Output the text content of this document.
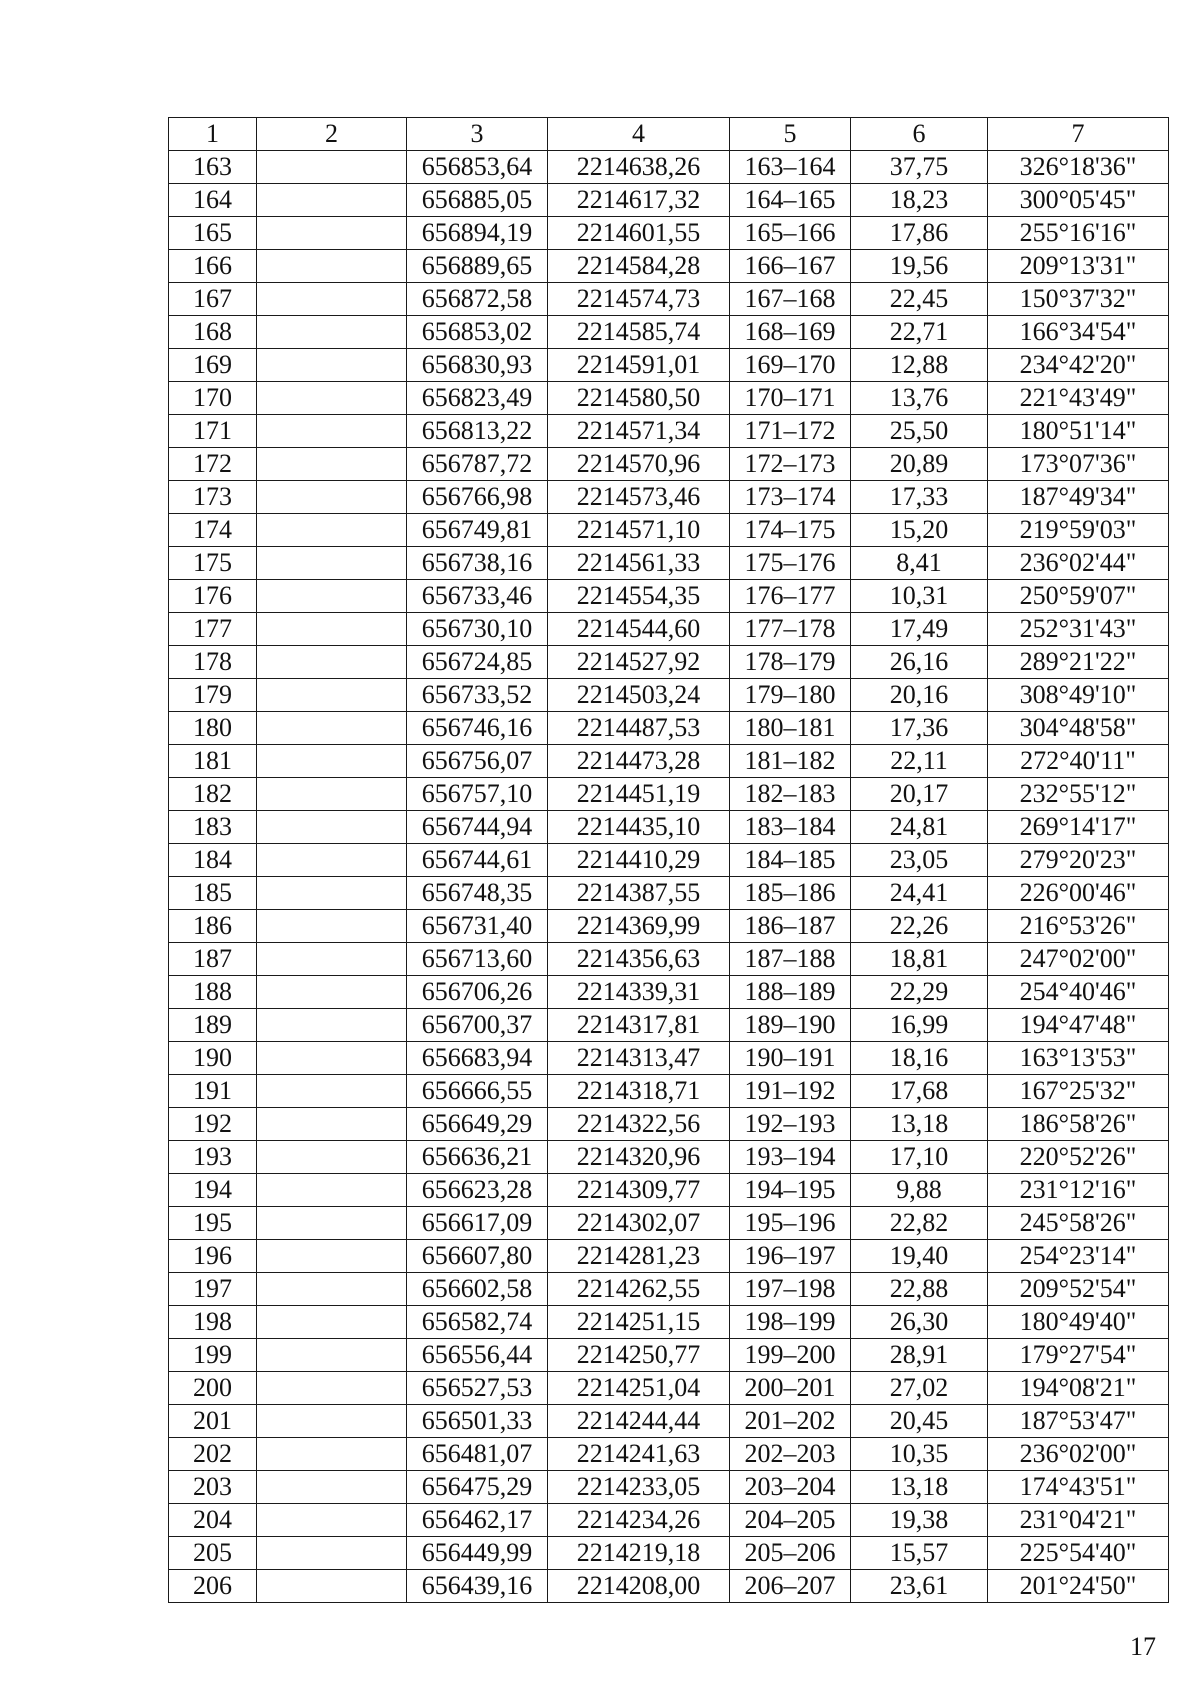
1	2	3	4	5	6	7
163		656853,64	2214638,26	163–164	37,75	326°18'36"
164		656885,05	2214617,32	164–165	18,23	300°05'45"
165		656894,19	2214601,55	165–166	17,86	255°16'16"
166		656889,65	2214584,28	166–167	19,56	209°13'31"
167		656872,58	2214574,73	167–168	22,45	150°37'32"
168		656853,02	2214585,74	168–169	22,71	166°34'54"
169		656830,93	2214591,01	169–170	12,88	234°42'20"
170		656823,49	2214580,50	170–171	13,76	221°43'49"
171		656813,22	2214571,34	171–172	25,50	180°51'14"
172		656787,72	2214570,96	172–173	20,89	173°07'36"
173		656766,98	2214573,46	173–174	17,33	187°49'34"
174		656749,81	2214571,10	174–175	15,20	219°59'03"
175		656738,16	2214561,33	175–176	8,41	236°02'44"
176		656733,46	2214554,35	176–177	10,31	250°59'07"
177		656730,10	2214544,60	177–178	17,49	252°31'43"
178		656724,85	2214527,92	178–179	26,16	289°21'22"
179		656733,52	2214503,24	179–180	20,16	308°49'10"
180		656746,16	2214487,53	180–181	17,36	304°48'58"
181		656756,07	2214473,28	181–182	22,11	272°40'11"
182		656757,10	2214451,19	182–183	20,17	232°55'12"
183		656744,94	2214435,10	183–184	24,81	269°14'17"
184		656744,61	2214410,29	184–185	23,05	279°20'23"
185		656748,35	2214387,55	185–186	24,41	226°00'46"
186		656731,40	2214369,99	186–187	22,26	216°53'26"
187		656713,60	2214356,63	187–188	18,81	247°02'00"
188		656706,26	2214339,31	188–189	22,29	254°40'46"
189		656700,37	2214317,81	189–190	16,99	194°47'48"
190		656683,94	2214313,47	190–191	18,16	163°13'53"
191		656666,55	2214318,71	191–192	17,68	167°25'32"
192		656649,29	2214322,56	192–193	13,18	186°58'26"
193		656636,21	2214320,96	193–194	17,10	220°52'26"
194		656623,28	2214309,77	194–195	9,88	231°12'16"
195		656617,09	2214302,07	195–196	22,82	245°58'26"
196		656607,80	2214281,23	196–197	19,40	254°23'14"
197		656602,58	2214262,55	197–198	22,88	209°52'54"
198		656582,74	2214251,15	198–199	26,30	180°49'40"
199		656556,44	2214250,77	199–200	28,91	179°27'54"
200		656527,53	2214251,04	200–201	27,02	194°08'21"
201		656501,33	2214244,44	201–202	20,45	187°53'47"
202		656481,07	2214241,63	202–203	10,35	236°02'00"
203		656475,29	2214233,05	203–204	13,18	174°43'51"
204		656462,17	2214234,26	204–205	19,38	231°04'21"
205		656449,99	2214219,18	205–206	15,57	225°54'40"
206		656439,16	2214208,00	206–207	23,61	201°24'50"
17
